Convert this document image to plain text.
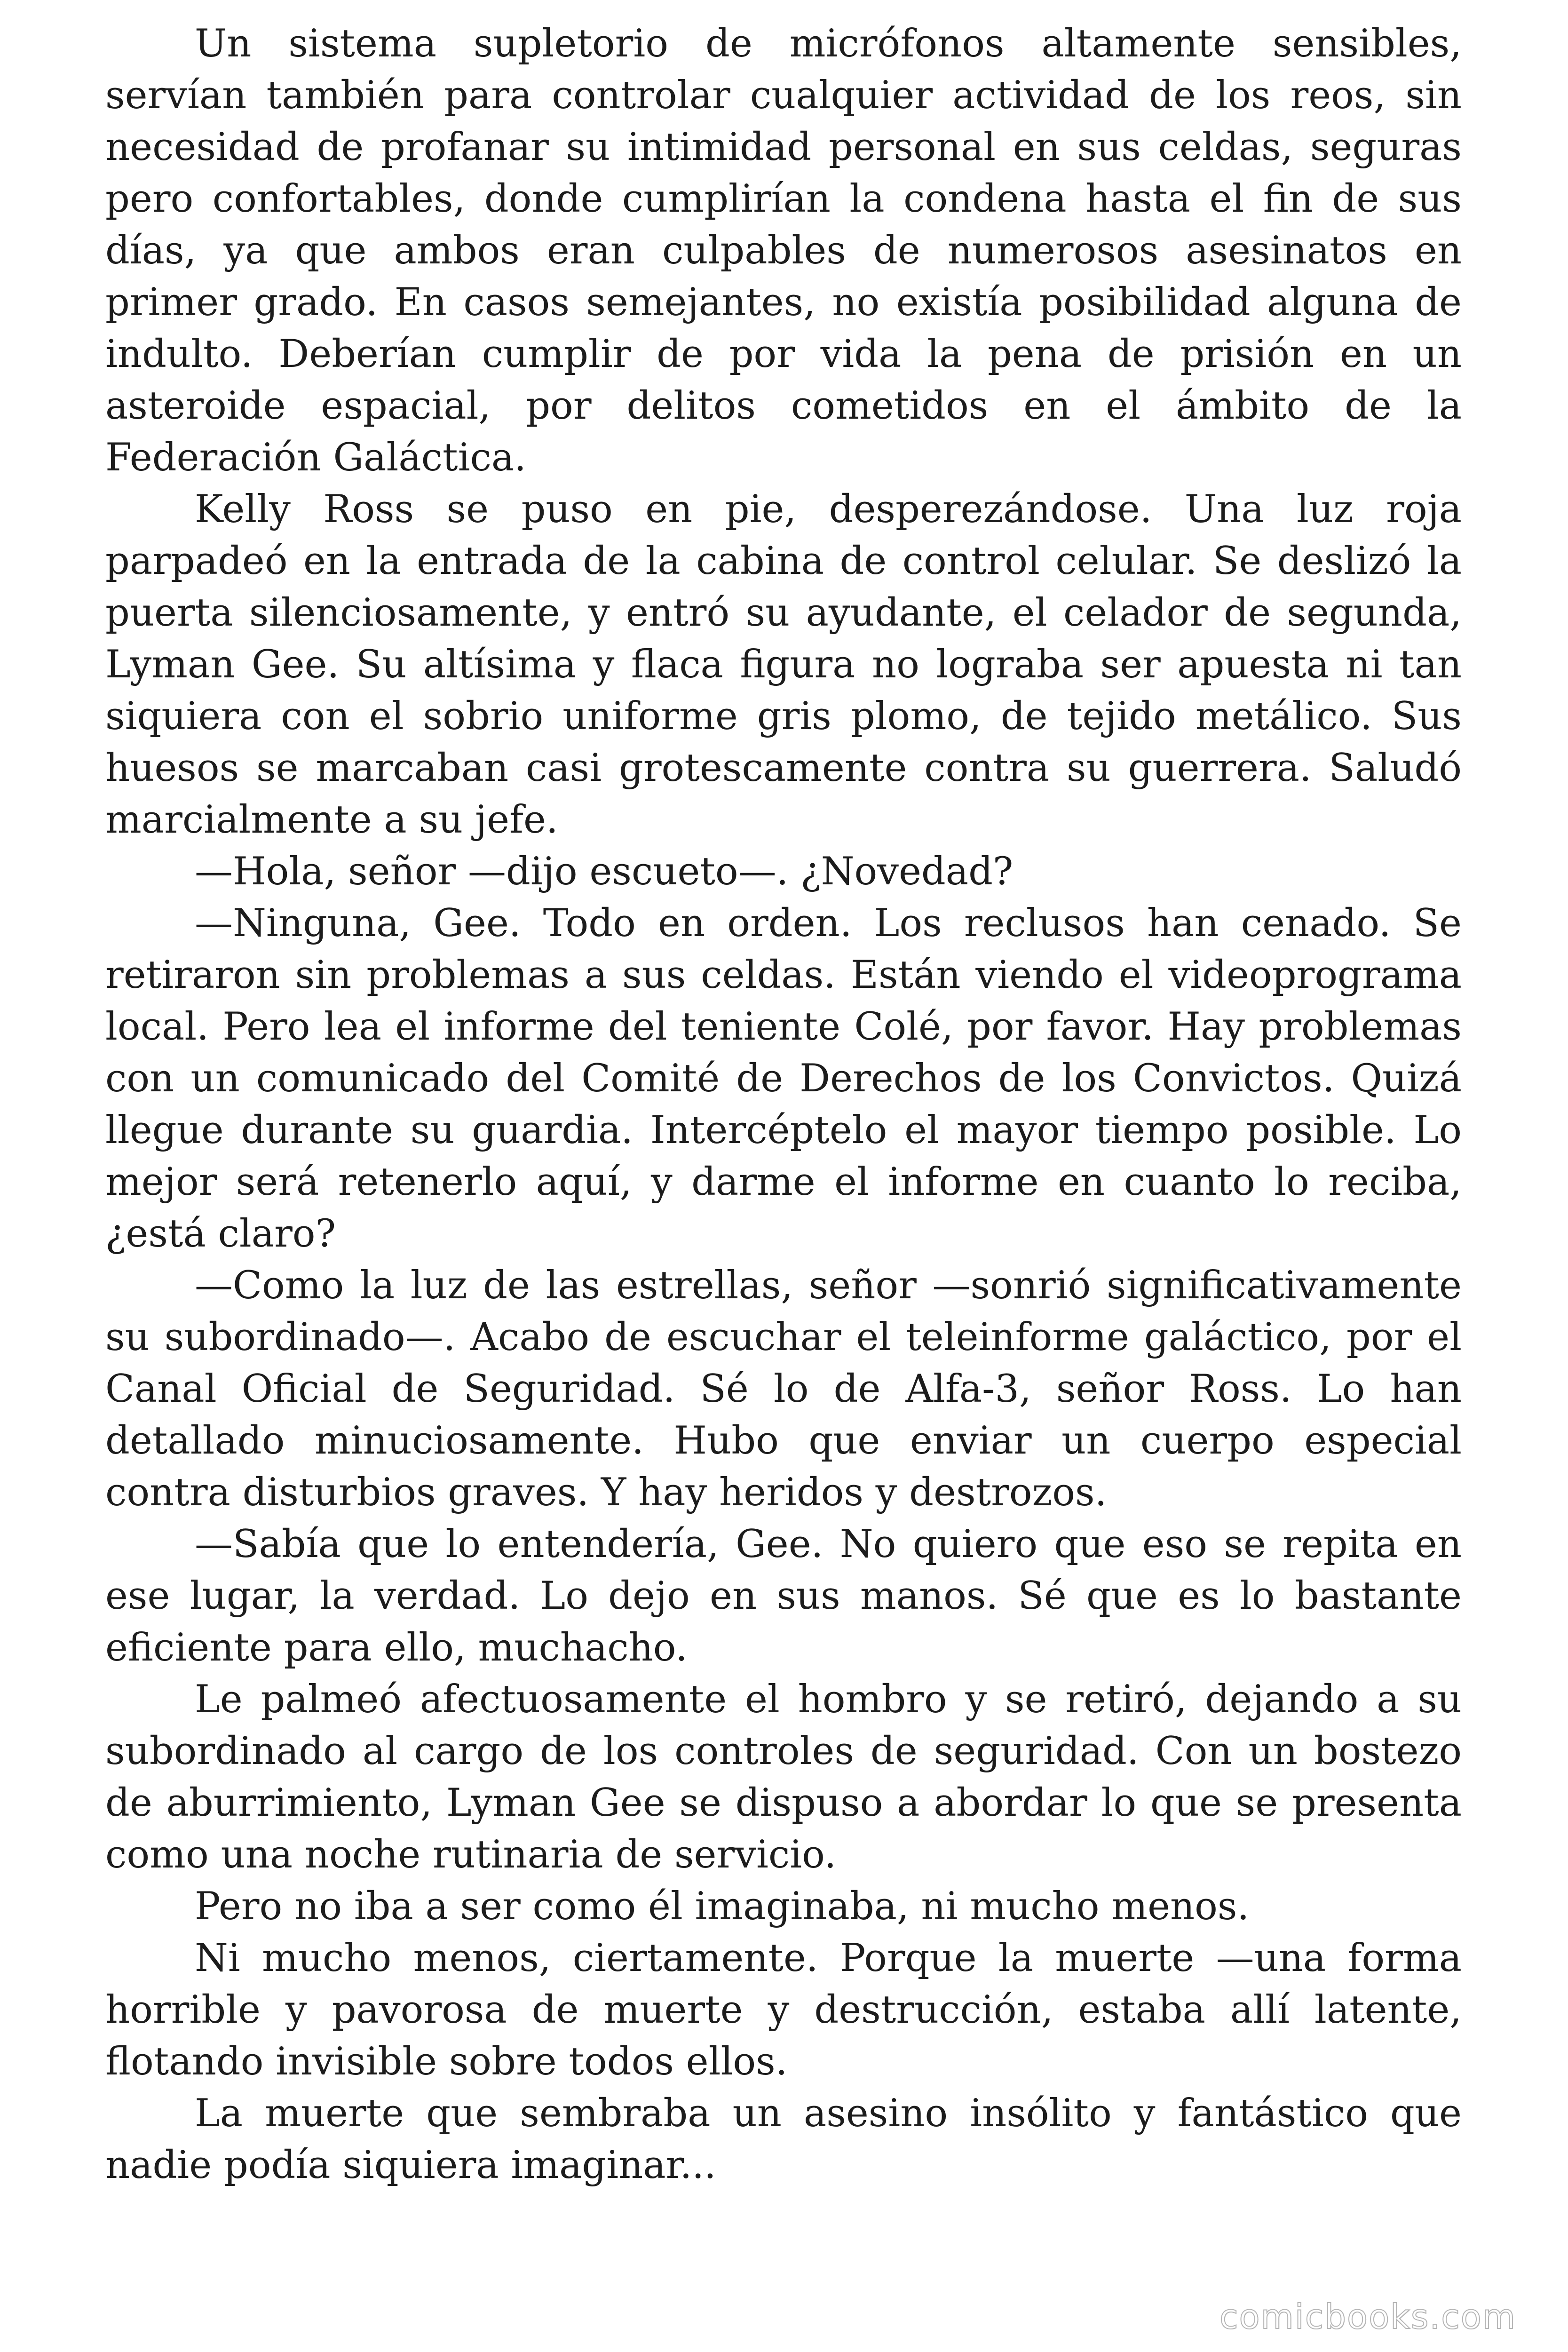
Un sistema supletorio de micrófonos altamente sensibles, servían también para controlar cualquier actividad de los reos, sin necesidad de profanar su intimidad personal en sus celdas, seguras pero confortables, donde cumplirían la condena hasta el fin de sus días, ya que ambos eran culpables de numerosos asesinatos en primer grado. En casos semejantes, no existía posibilidad alguna de indulto. Deberían cumplir de por vida la pena de prisión en un asteroide espacial, por delitos cometidos en el ámbito de la Federación Galáctica.

Kelly Ross se puso en pie, desperezándose. Una luz roja parpadeó en la entrada de la cabina de control celular. Se deslizó la puerta silenciosamente, y entró su ayudante, el celador de segunda, Lyman Gee. Su altísima y flaca figura no lograba ser apuesta ni tan siquiera con el sobrio uniforme gris plomo, de tejido metálico. Sus huesos se marcaban casi grotescamente contra su guerrera. Saludó marcialmente a su jefe.

—Hola, señor —dijo escueto—. ¿Novedad?

—Ninguna, Gee. Todo en orden. Los reclusos han cenado. Se retiraron sin problemas a sus celdas. Están viendo el videoprograma local. Pero lea el informe del teniente Colé, por favor. Hay problemas con un comunicado del Comité de Derechos de los Convictos. Quizá llegue durante su guardia. Intercéptelo el mayor tiempo posible. Lo mejor será retenerlo aquí, y darme el informe en cuanto lo reciba, ¿está claro?

—Como la luz de las estrellas, señor —sonrió significativamente su subordinado—. Acabo de escuchar el teleinforme galáctico, por el Canal Oficial de Seguridad. Sé lo de Alfa-3, señor Ross. Lo han detallado minuciosamente. Hubo que enviar un cuerpo especial contra disturbios graves. Y hay heridos y destrozos.

—Sabía que lo entendería, Gee. No quiero que eso se repita en ese lugar, la verdad. Lo dejo en sus manos. Sé que es lo bastante eficiente para ello, muchacho.

Le palmeó afectuosamente el hombro y se retiró, dejando a su subordinado al cargo de los controles de seguridad. Con un bostezo de aburrimiento, Lyman Gee se dispuso a abordar lo que se presenta como una noche rutinaria de servicio.

Pero no iba a ser como él imaginaba, ni mucho menos.

Ni mucho menos, ciertamente. Porque la muerte —una forma horrible y pavorosa de muerte y destrucción, estaba allí latente, flotando invisible sobre todos ellos.

La muerte que sembraba un asesino insólito y fantástico que nadie podía siquiera imaginar...

comicbooks.com
